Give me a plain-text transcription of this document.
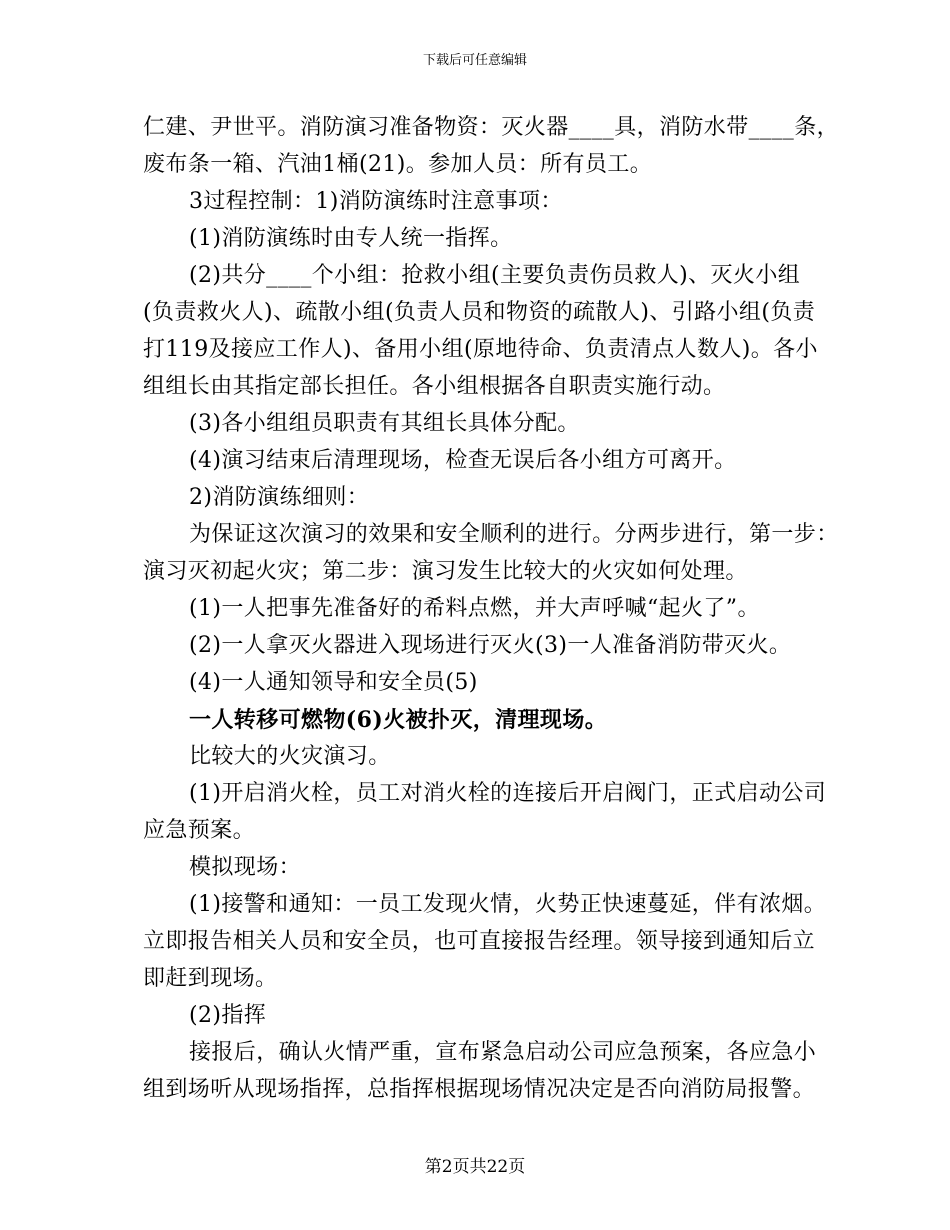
下载后可任意编辑
仁建、尹世平。消防演习准备物资：灭火器____具，消防水带____条，
废布条一箱、汽油1桶(21)。参加人员：所有员工。
3过程控制：1)消防演练时注意事项：
(1)消防演练时由专人统一指挥。
(2)共分____个小组：抢救小组(主要负责伤员救人)、灭火小组
(负责救火人)、疏散小组(负责人员和物资的疏散人)、引路小组(负责
打119及接应工作人)、备用小组(原地待命、负责清点人数人)。各小
组组长由其指定部长担任。各小组根据各自职责实施行动。
(3)各小组组员职责有其组长具体分配。
(4)演习结束后清理现场，检查无误后各小组方可离开。
2)消防演练细则：
为保证这次演习的效果和安全顺利的进行。分两步进行，第一步：
演习灭初起火灾；第二步：演习发生比较大的火灾如何处理。
(1)一人把事先准备好的希料点燃，并大声呼喊“起火了”。
(2)一人拿灭火器进入现场进行灭火(3)一人准备消防带灭火。
(4)一人通知领导和安全员(5)
一人转移可燃物(6)火被扑灭，清理现场。
比较大的火灾演习。
(1)开启消火栓，员工对消火栓的连接后开启阀门，正式启动公司
应急预案。
模拟现场：
(1)接警和通知：一员工发现火情，火势正快速蔓延，伴有浓烟。
立即报告相关人员和安全员，也可直接报告经理。领导接到通知后立
即赶到现场。
(2)指挥
接报后，确认火情严重，宣布紧急启动公司应急预案，各应急小
组到场听从现场指挥，总指挥根据现场情况决定是否向消防局报警。
第2页共22页
